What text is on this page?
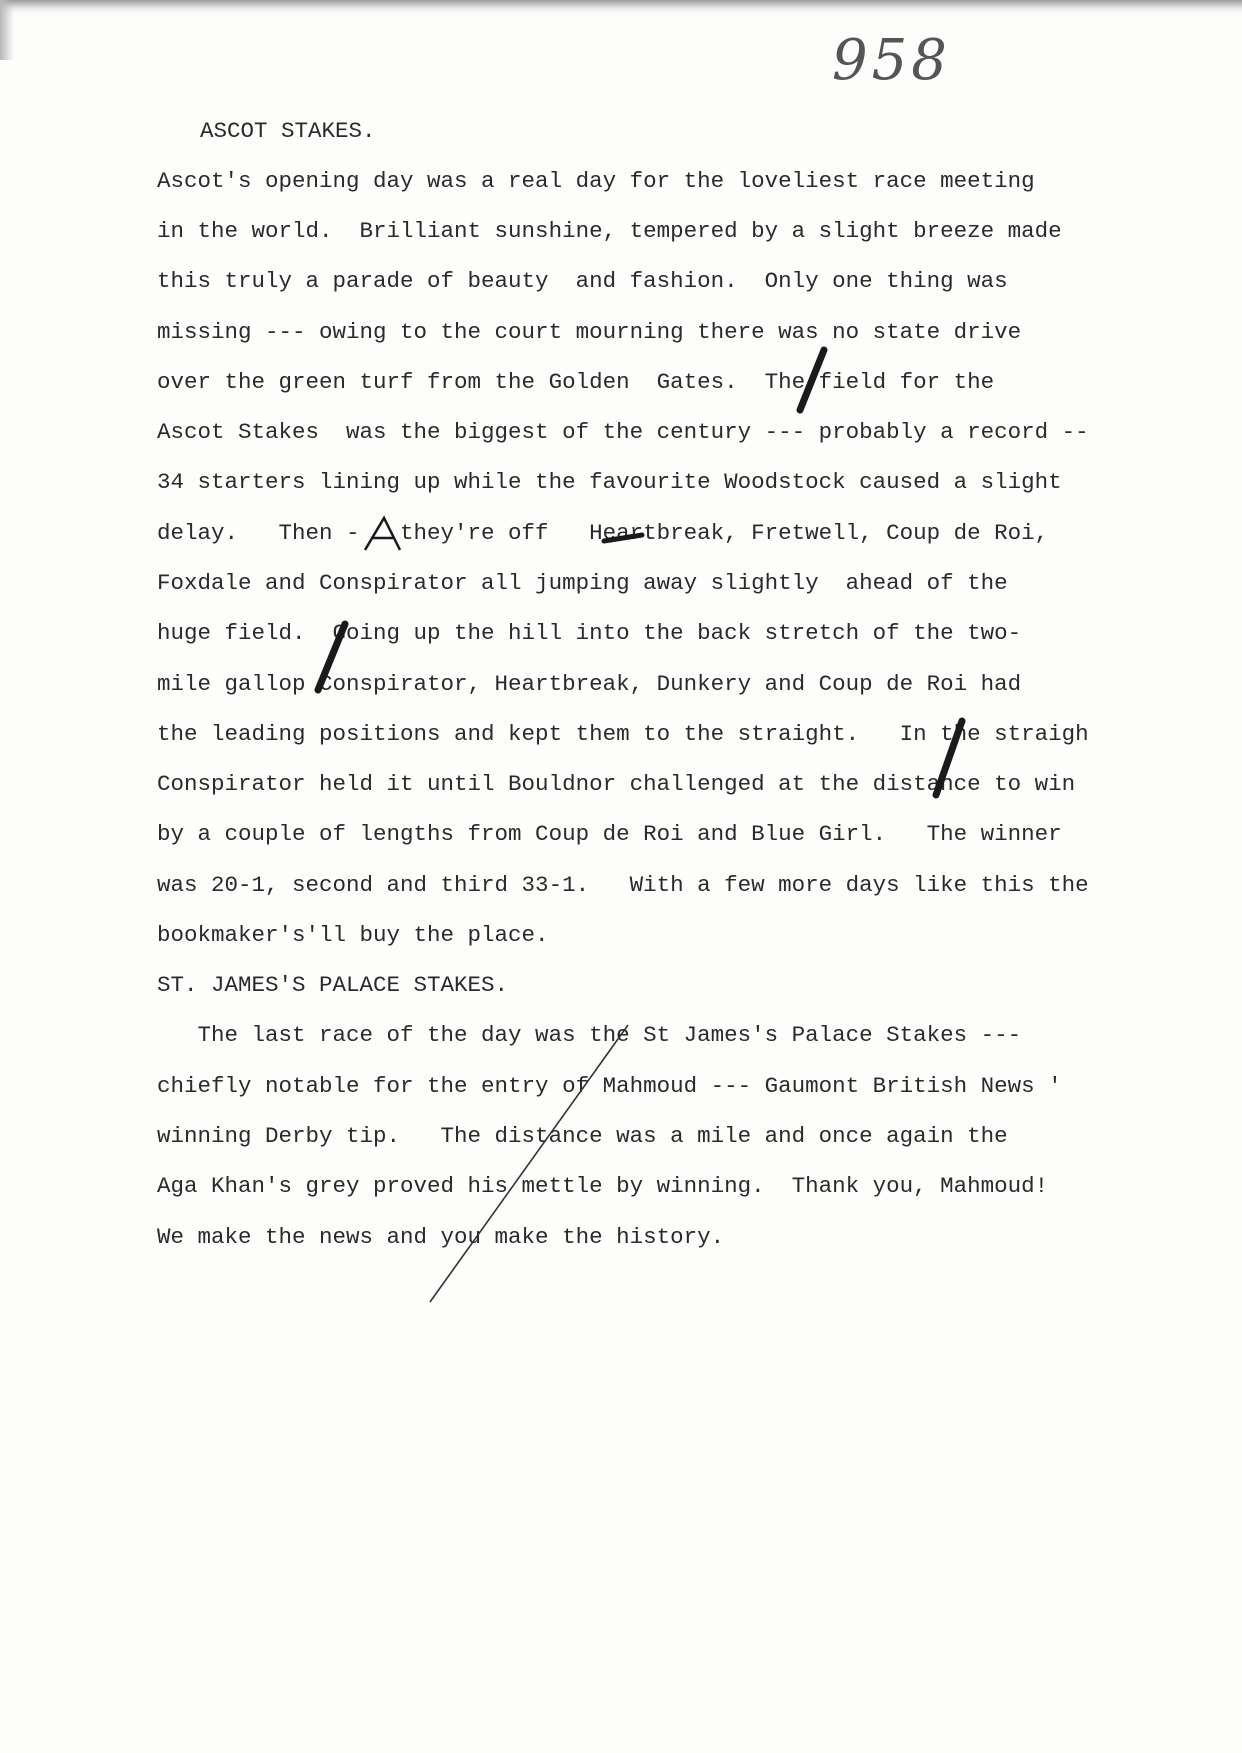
958

ASCOT STAKES.

Ascot's opening day was a real day for the loveliest race meeting

in the world.  Brilliant sunshine, tempered by a slight breeze made

this truly a parade of beauty  and fashion.  Only one thing was

missing --- owing to the court mourning there was no state drive

over the green turf from the Golden  Gates.  The field for the

Ascot Stakes  was the biggest of the century --- probably a record --

34 starters lining up while the favourite Woodstock caused a slight

delay.   Then -   they're off   Heartbreak, Fretwell, Coup de Roi,

Foxdale and Conspirator all jumping away slightly  ahead of the

huge field.  Going up the hill into the back stretch of the two-

mile gallop Conspirator, Heartbreak, Dunkery and Coup de Roi had

the leading positions and kept them to the straight.   In the straigh

Conspirator held it until Bouldnor challenged at the distance to win

by a couple of lengths from Coup de Roi and Blue Girl.   The winner

was 20-1, second and third 33-1.   With a few more days like this the

bookmaker's'll buy the place.

ST. JAMES'S PALACE STAKES.

The last race of the day was the St James's Palace Stakes ---

chiefly notable for the entry of Mahmoud --- Gaumont British News '

winning Derby tip.   The distance was a mile and once again the

Aga Khan's grey proved his mettle by winning.  Thank you, Mahmoud!

We make the news and you make the history.
